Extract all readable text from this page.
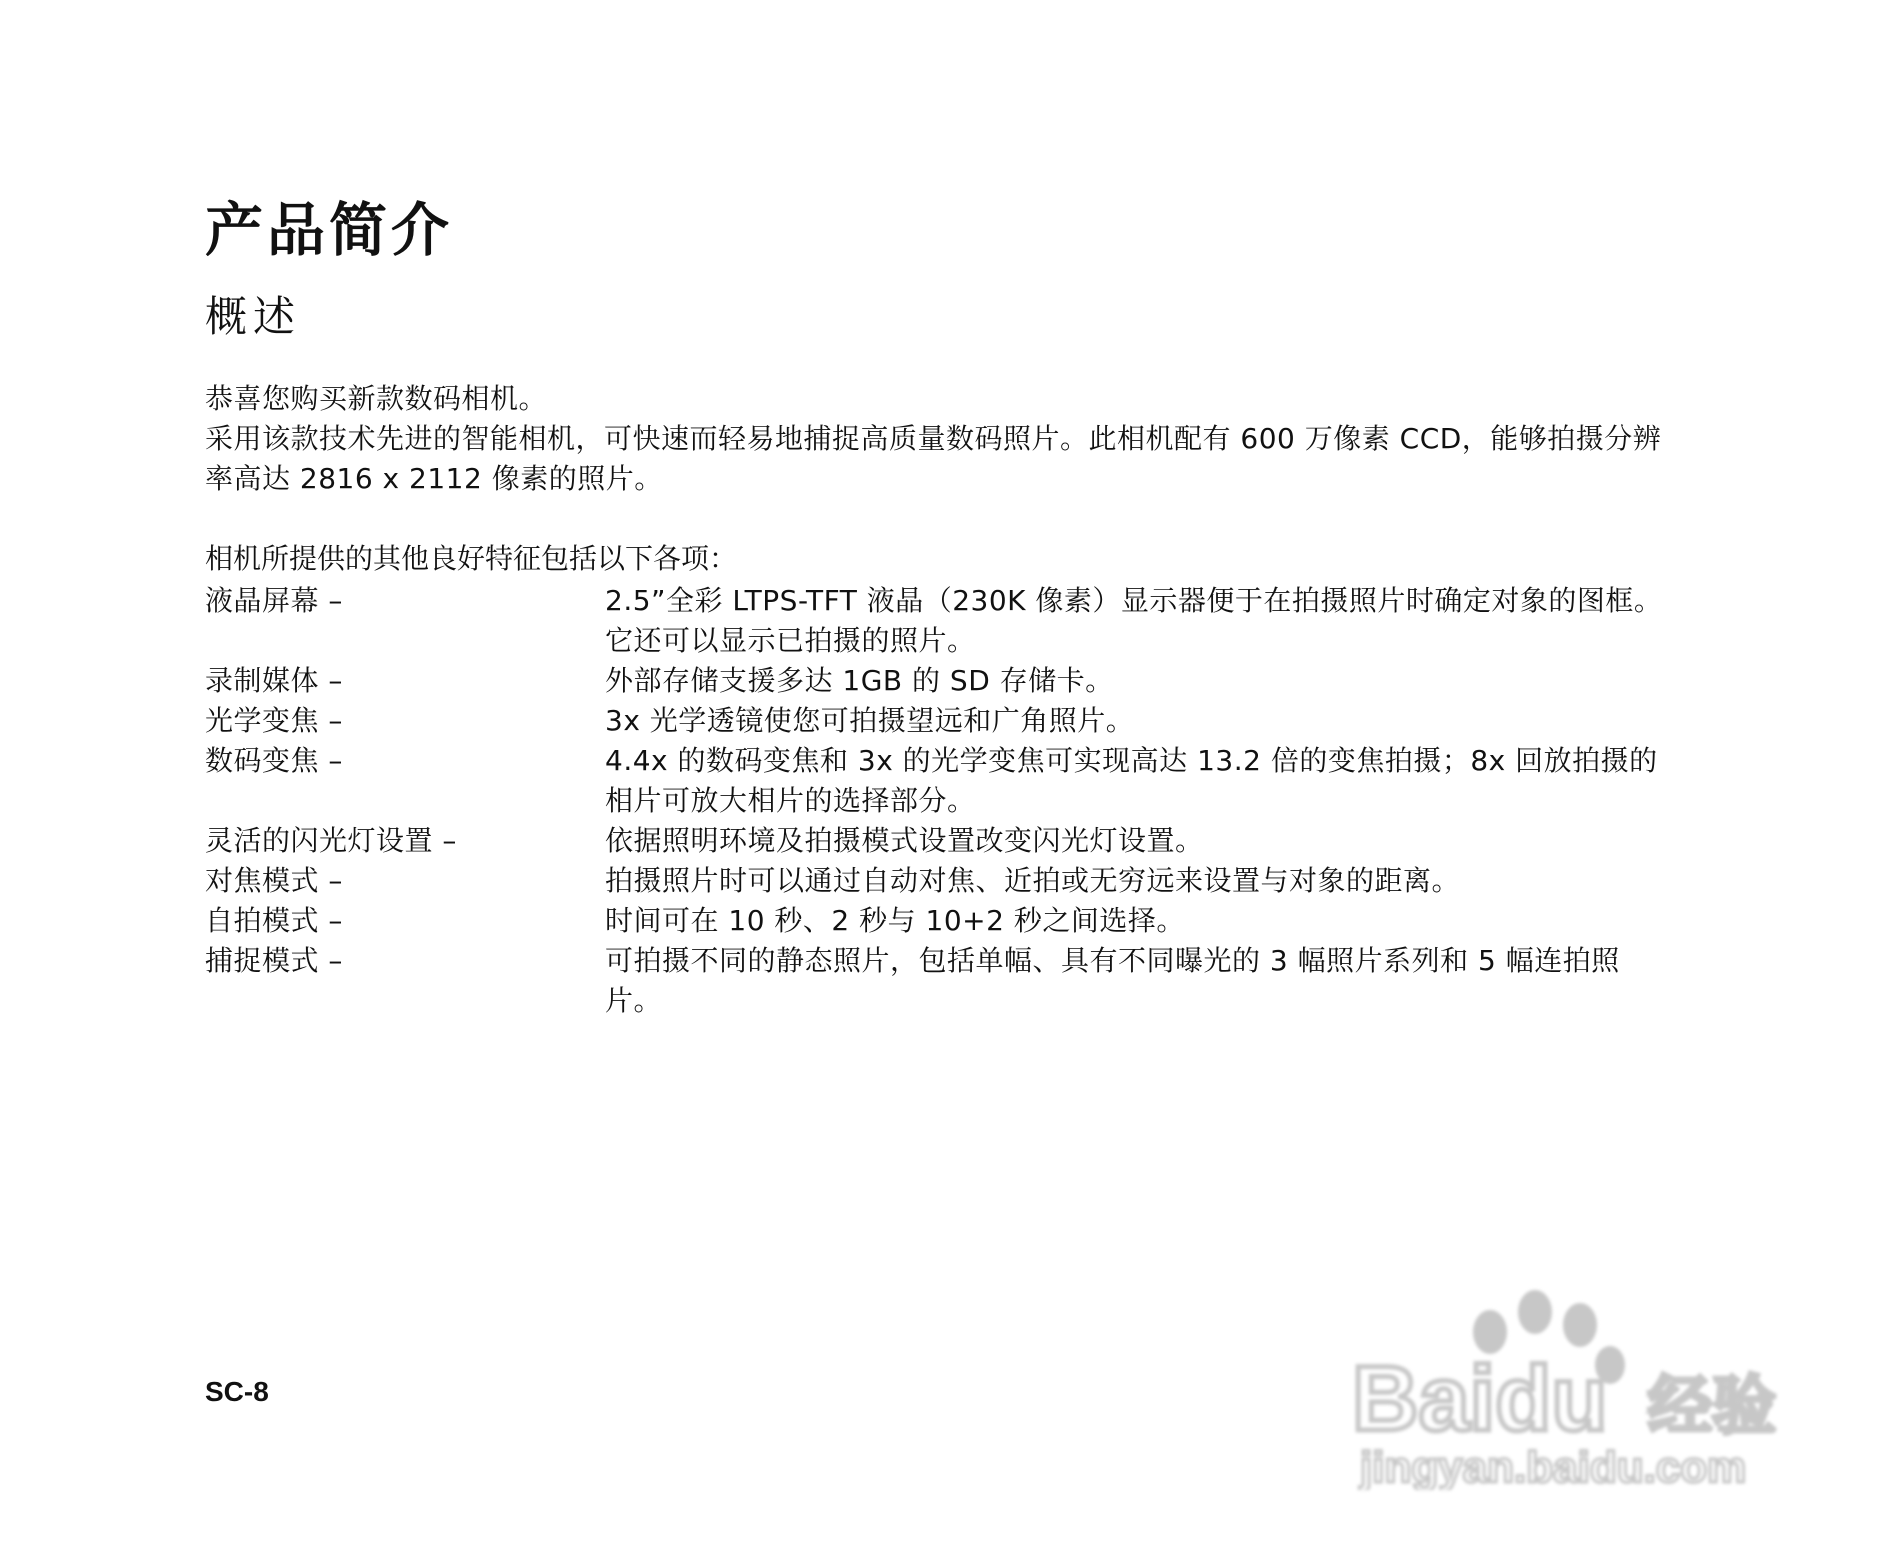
产品简介
概述

恭喜您购买新款数码相机。

采用该款技术先进的智能相机，可快速而轻易地捕捉高质量数码照片。此相机配有 600 万像素 CCD，能够拍摄分辨率高达 2816 x 2112 像素的照片。

相机所提供的其他良好特征包括以下各项：

液晶屏幕 –	2.5”全彩 LTPS-TFT 液晶（230K 像素）显示器便于在拍摄照片时确定对象的图框。它还可以显示已拍摄的照片。
录制媒体 –	外部存储支援多达 1GB 的 SD 存储卡。
光学变焦 –	3x 光学透镜使您可拍摄望远和广角照片。
数码变焦 –	4.4x 的数码变焦和 3x 的光学变焦可实现高达 13.2 倍的变焦拍摄；8x 回放拍摄的相片可放大相片的选择部分。
灵活的闪光灯设置 –	依据照明环境及拍摄模式设置改变闪光灯设置。
对焦模式 –	拍摄照片时可以通过自动对焦、近拍或无穷远来设置与对象的距离。
自拍模式 –	时间可在 10 秒、2 秒与 10+2 秒之间选择。
捕捉模式 –	可拍摄不同的静态照片，包括单幅、具有不同曝光的 3 幅照片系列和 5 幅连拍照片。
SC-8	Baidu 经验
jingyan.baidu.com
